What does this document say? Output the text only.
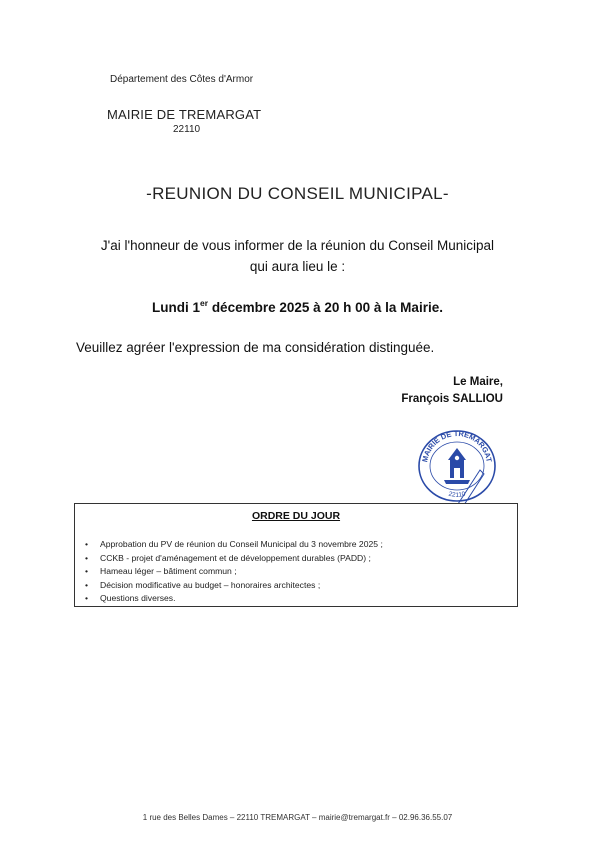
Département des Côtes d'Armor
MAIRIE DE TREMARGAT
22110
-REUNION DU CONSEIL MUNICIPAL-
J'ai l'honneur de vous informer de la réunion du Conseil Municipal
qui aura lieu le :
Lundi 1er décembre 2025 à 20 h 00 à la Mairie.
Veuillez agréer l'expression de ma considération distinguée.
Le Maire,
François SALLIOU
MAIRIE DE TREMARGAT
22110
ORDRE DU JOUR
• Approbation du PV de réunion du Conseil Municipal du 3 novembre 2025 ;
• CCKB - projet d'aménagement et de développement durables (PADD) ;
• Hameau léger – bâtiment commun ;
• Décision modificative au budget – honoraires architectes ;
• Questions diverses.
1 rue des Belles Dames – 22110 TREMARGAT – mairie@tremargat.fr – 02.96.36.55.07
